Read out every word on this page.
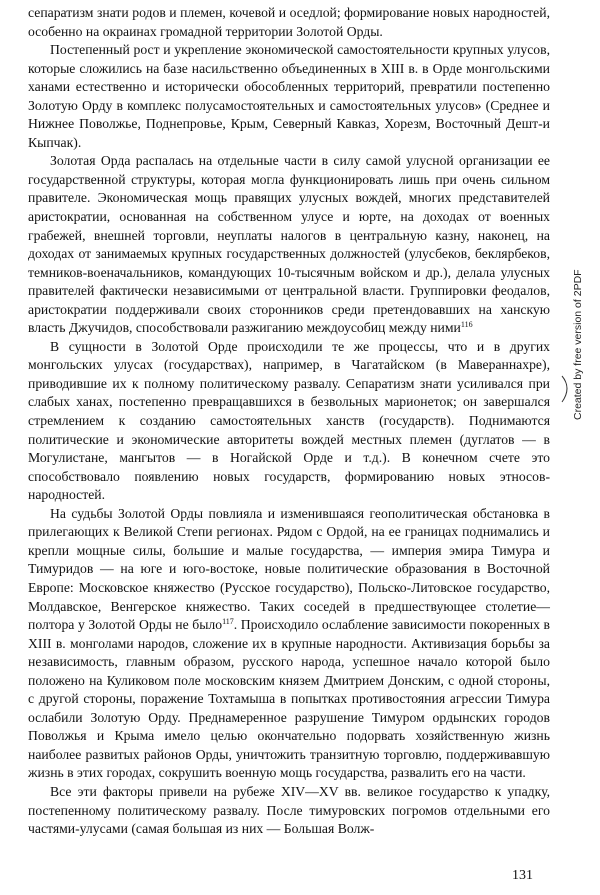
сепаратизм знати родов и племен, кочевой и оседлой; формирование новых народностей, особенно на окраинах громадной территории Золотой Орды.

Постепенный рост и укрепление экономической самостоятельности крупных улусов, которые сложились на базе насильственно объединенных в XIII в. в Орде монгольскими ханами естественно и исторически обособленных территорий, превратили постепенно Золотую Орду в комплекс полусамостоятельных и самостоятельных улусов» (Среднее и Нижнее Поволжье, Поднепровье, Крым, Северный Кавказ, Хорезм, Восточный Дешт-и Кыпчак).

Золотая Орда распалась на отдельные части в силу самой улусной организации ее государственной структуры, которая могла функционировать лишь при очень сильном правителе. Экономическая мощь правящих улусных вождей, многих представителей аристократии, основанная на собственном улусе и юрте, на доходах от военных грабежей, внешней торговли, неуплаты налогов в центральную казну, наконец, на доходах от занимаемых крупных государственных должностей (улусбеков, беклярбеков, темников-военачальников, командующих 10-тысячным войском и др.), делала улусных правителей фактически независимыми от центральной власти. Группировки феодалов, аристократии поддерживали своих сторонников среди претендовавших на ханскую власть Джучидов, способствовали разжиганию междоусобиц между ними$^{116}$

В сущности в Золотой Орде происходили те же процессы, что и в других монгольских улусах (государствах), например, в Чагатайском (в Мавераннахре), приводившие их к полному политическому развалу. Сепаратизм знати усиливался при слабых ханах, постепенно превращавшихся в безвольных марионеток; он завершался стремлением к созданию самостоятельных ханств (государств). Поднимаются политические и экономические авторитеты вождей местных племен (дуглатов — в Могулистане, мангытов — в Ногайской Орде и т.д.). В конечном счете это способствовало появлению новых государств, формированию новых этносов-народностей.

На судьбы Золотой Орды повлияла и изменившаяся геополитическая обстановка в прилегающих к Великой Степи регионах. Рядом с Ордой, на ее границах поднимались и крепли мощные силы, большие и малые государства, — империя эмира Тимура и Тимуридов — на юге и юго-востоке, новые политические образования в Восточной Европе: Московское княжество (Русское государство), Польско-Литовское государство, Молдавское, Венгерское княжество. Таких соседей в предшествующее столетие—полтора у Золотой Орды не было$^{117}$. Происходило ослабление зависимости покоренных в XIII в. монголами народов, сложение их в крупные народности. Активизация борьбы за независимость, главным образом, русского народа, успешное начало которой было положено на Куликовом поле московским князем Дмитрием Донским, с одной стороны, с другой стороны, поражение Тохтамыша в попытках противостояния агрессии Тимура ослабили Золотую Орду. Преднамеренное разрушение Тимуром ордынских городов Поволжья и Крыма имело целью окончательно подорвать хозяйственную жизнь наиболее развитых районов Орды, уничтожить транзитную торговлю, поддерживавшую жизнь в этих городах, сокрушить военную мощь государства, развалить его на части.

Все эти факторы привели на рубеже XIV—XV вв. великое государство к упадку, постепенному политическому развалу. После тимуровских погромов отдельными его частями-улусами (самая большая из них — Большая Волж-

Created by free version of 2PDF
131
